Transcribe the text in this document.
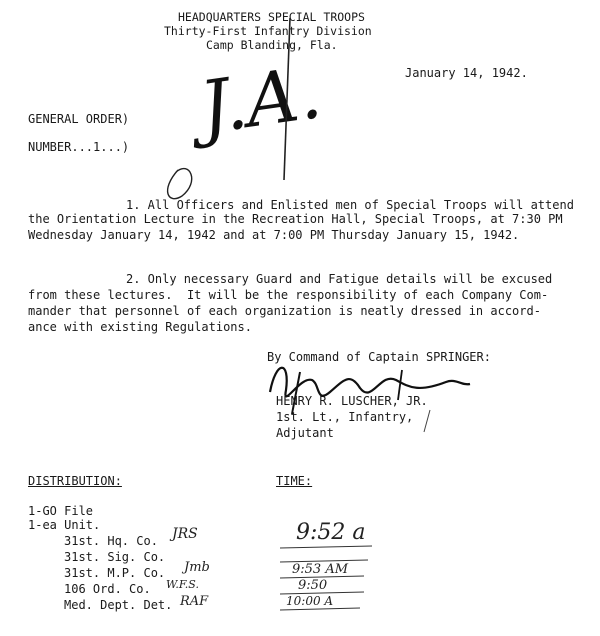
HEADQUARTERS SPECIAL TROOPS
Thirty-First Infantry Division
Camp Blanding, Fla.
January 14, 1942.
GENERAL ORDER)
NUMBER...1...) J.A.
1. All Officers and Enlisted men of Special Troops will attend
the Orientation Lecture in the Recreation Hall, Special Troops, at 7:30 PM
Wednesday January 14, 1942 and at 7:00 PM Thursday January 15, 1942.
2. Only necessary Guard and Fatigue details will be excused
from these lectures.  It will be the responsibility of each Company Com-
mander that personnel of each organization is neatly dressed in accord-
ance with existing Regulations.
By Command of Captain SPRINGER:
HENRY R. LUSCHER, JR.
1st. Lt., Infantry,
Adjutant
DISTRIBUTION:	TIME:
1-GO File
1-ea Unit.
31st. Hq. Co.
31st. Sig. Co.
31st. M.P. Co.
106 Ord. Co.
Med. Dept. Det.
JRS
Jmb
W.F.S.
RAF
9:52 a
9:53 AM
9:50
10:00 A
